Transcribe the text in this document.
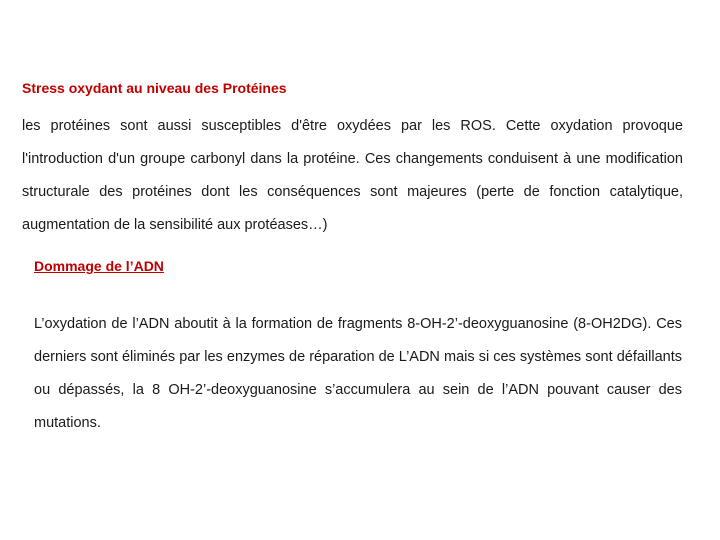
Stress oxydant au niveau des Protéines
les protéines sont aussi susceptibles d'être oxydées par les ROS. Cette oxydation provoque l'introduction d'un groupe carbonyl dans la protéine. Ces changements conduisent à une modification structurale des protéines dont les conséquences sont majeures (perte de fonction catalytique, augmentation de la sensibilité aux protéases…)
Dommage de l’ADN
L’oxydation de l’ADN aboutit à la formation de fragments 8-OH-2’-deoxyguanosine (8-OH2DG). Ces derniers sont éliminés par les enzymes de réparation de L’ADN mais si ces systèmes sont défaillants ou dépassés, la 8 OH-2’-deoxyguanosine s’accumulera au sein de l’ADN pouvant causer des mutations.
